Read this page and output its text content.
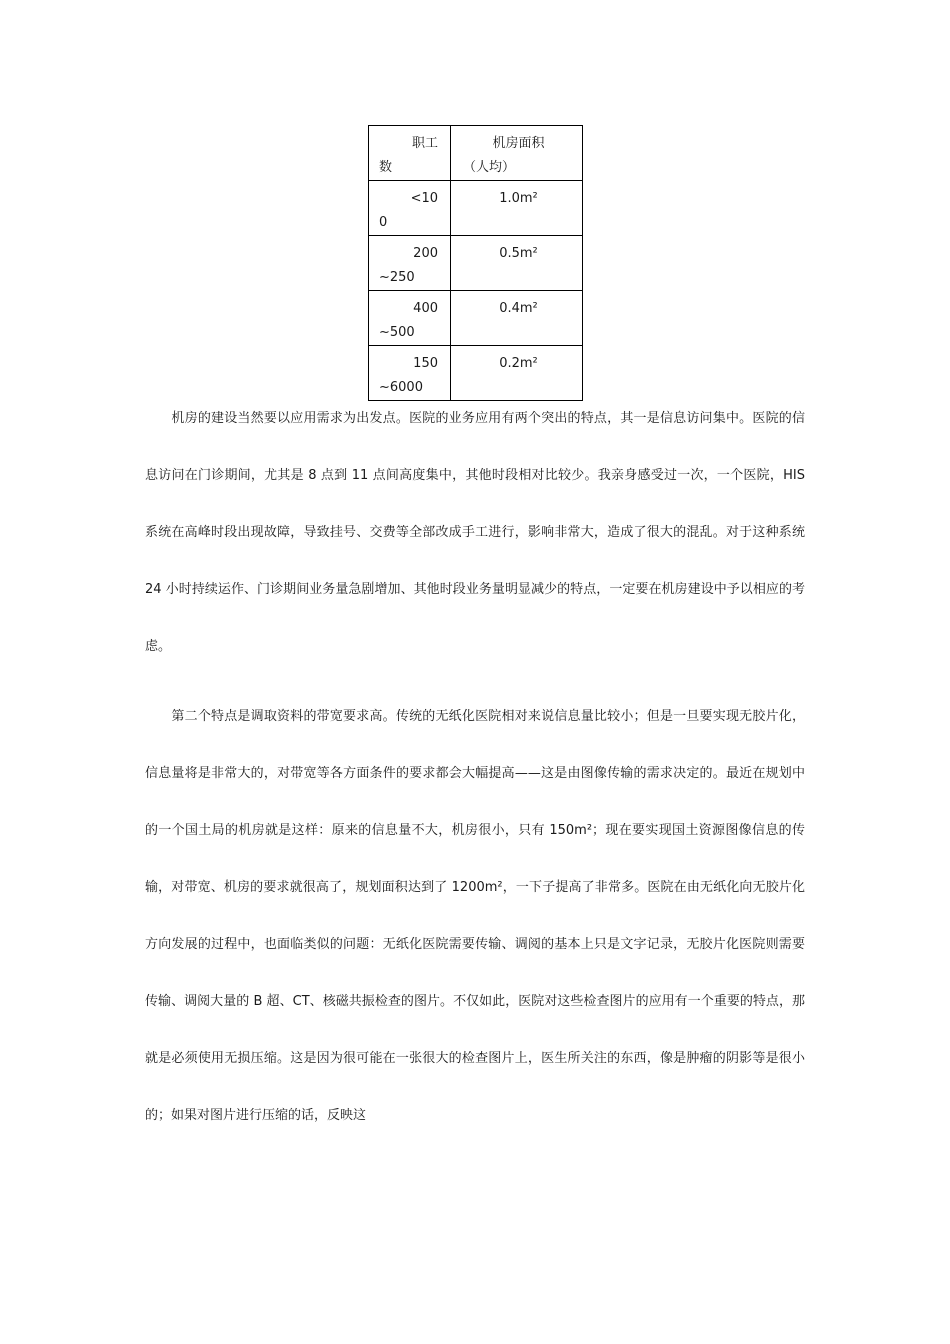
职工
数	机房面积
（人均）

<10
0	1.0m²

200
~250	0.5m²

400
~500	0.4m²

150
~6000	0.2m²

　　机房的建设当然要以应用需求为出发点。医院的业务应用有两个突出的特点，其一是信息访问集中。医院的信息访问在门诊期间，尤其是 8 点到 11 点间高度集中，其他时段相对比较少。我亲身感受过一次，一个医院，HIS 系统在高峰时段出现故障，导致挂号、交费等全部改成手工进行，影响非常大，造成了很大的混乱。对于这种系统 24 小时持续运作、门诊期间业务量急剧增加、其他时段业务量明显减少的特点，一定要在机房建设中予以相应的考虑。

　　第二个特点是调取资料的带宽要求高。传统的无纸化医院相对来说信息量比较小；但是一旦要实现无胶片化，信息量将是非常大的，对带宽等各方面条件的要求都会大幅提高——这是由图像传输的需求决定的。最近在规划中的一个国土局的机房就是这样：原来的信息量不大，机房很小，只有 150m²；现在要实现国土资源图像信息的传输，对带宽、机房的要求就很高了，规划面积达到了 1200m²，一下子提高了非常多。医院在由无纸化向无胶片化方向发展的过程中，也面临类似的问题：无纸化医院需要传输、调阅的基本上只是文字记录，无胶片化医院则需要传输、调阅大量的 B 超、CT、核磁共振检查的图片。不仅如此，医院对这些检查图片的应用有一个重要的特点，那就是必须使用无损压缩。这是因为很可能在一张很大的检查图片上，医生所关注的东西，像是肿瘤的阴影等是很小的；如果对图片进行压缩的话，反映这
